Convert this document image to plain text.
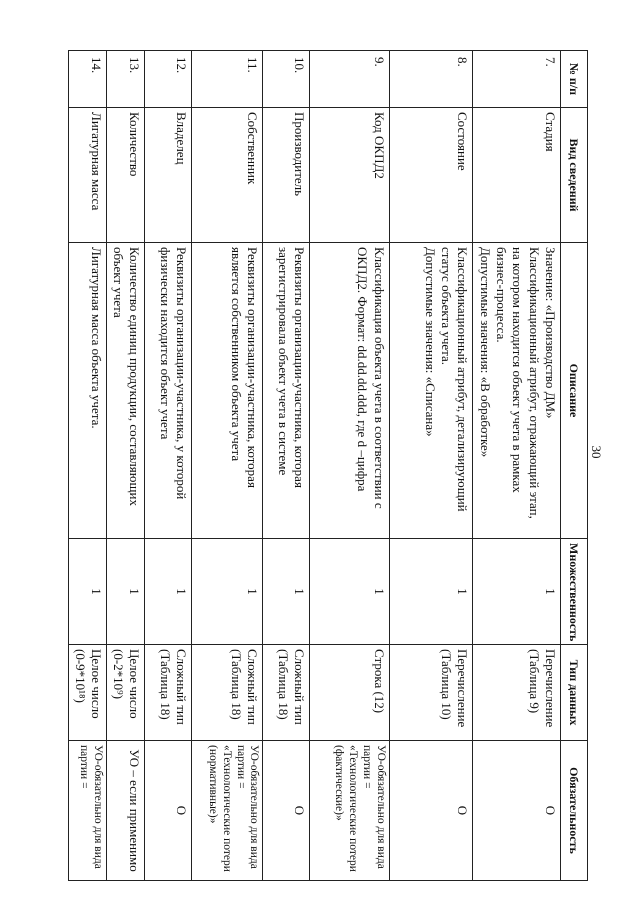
30
№ п/п	Вид сведений	Описание	Множественность	Тип данных	Обязательность
7.	Стадия	Значение: «Производство ДМ»
Классификационный атрибут, отражающий этап, на котором находится объект учета в рамках бизнес-процесса.
Допустимые значения: «В обработке»	1	Перечисление (Таблица 9)	О
8.	Состояние	Классификационный атрибут, детализирующий статус объекта учета.
Допустимые значения: «Списана»	1	Перечисление (Таблица 10)	О
9.	Код ОКПД2	Классификация объекта учета в соответствии с ОКПД2. Формат: dd.dd.dd.ddd, где d –цифра	1	Строка (12)	УО-обязательно для вида партии = «Технологические потери (фактические)»
10.	Производитель	Реквизиты организации-участника, которая зарегистрировала объект учета в системе	1	Сложный тип (Таблица 18)	О
11.	Собственник	Реквизиты организации-участника, которая является собственником объекта учета	1	Сложный тип (Таблица 18)	УО-обязательно для вида партии = «Технологические потери (нормативные)»
12.	Владелец	Реквизиты организации-участника, у которой физически находится объект учета	1	Сложный тип (Таблица 18)	О
13.	Количество	Количество единиц продукции, составляющих объект учета	1	Целое число (0-2*10⁹)	УО – если применимо
14.	Лигатурная масса	Лигатурная масса объекта учета.	1	Целое число (0-9*10¹⁸)	УО-обязательно для вида партии =
